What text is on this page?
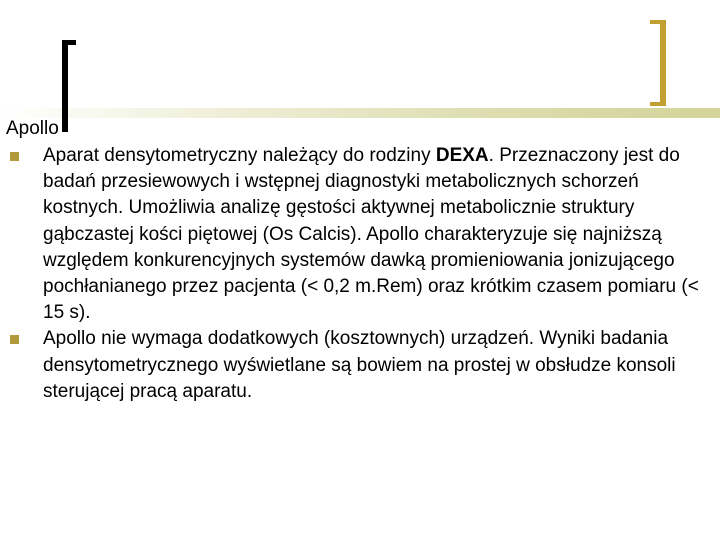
Apollo

Aparat densytometryczny należący do rodziny DEXA. Przeznaczony jest do badań przesiewowych i wstępnej diagnostyki metabolicznych schorzeń kostnych. Umożliwia analizę gęstości aktywnej metabolicznie struktury gąbczastej kości piętowej (Os Calcis). Apollo charakteryzuje się najniższą względem konkurencyjnych systemów dawką promieniowania jonizującego pochłanianego przez pacjenta (< 0,2 m.Rem) oraz krótkim czasem pomiaru (< 15 s).

Apollo nie wymaga dodatkowych (kosztownych) urządzeń. Wyniki badania densytometrycznego wyświetlane są bowiem na prostej w obsłudze konsoli sterującej pracą aparatu.
